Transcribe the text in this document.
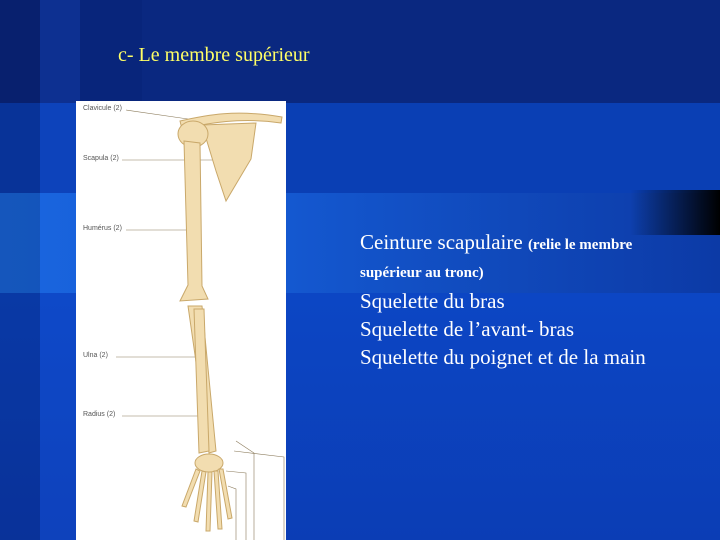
c- Le membre supérieur
Clavicule (2)
Scapula (2)
Humérus (2)
Ulna (2)
Radius (2)
Ceinture scapulaire (relie le membre
supérieur au tronc)
Squelette du bras
Squelette de l’avant- bras
Squelette du poignet et de la main
